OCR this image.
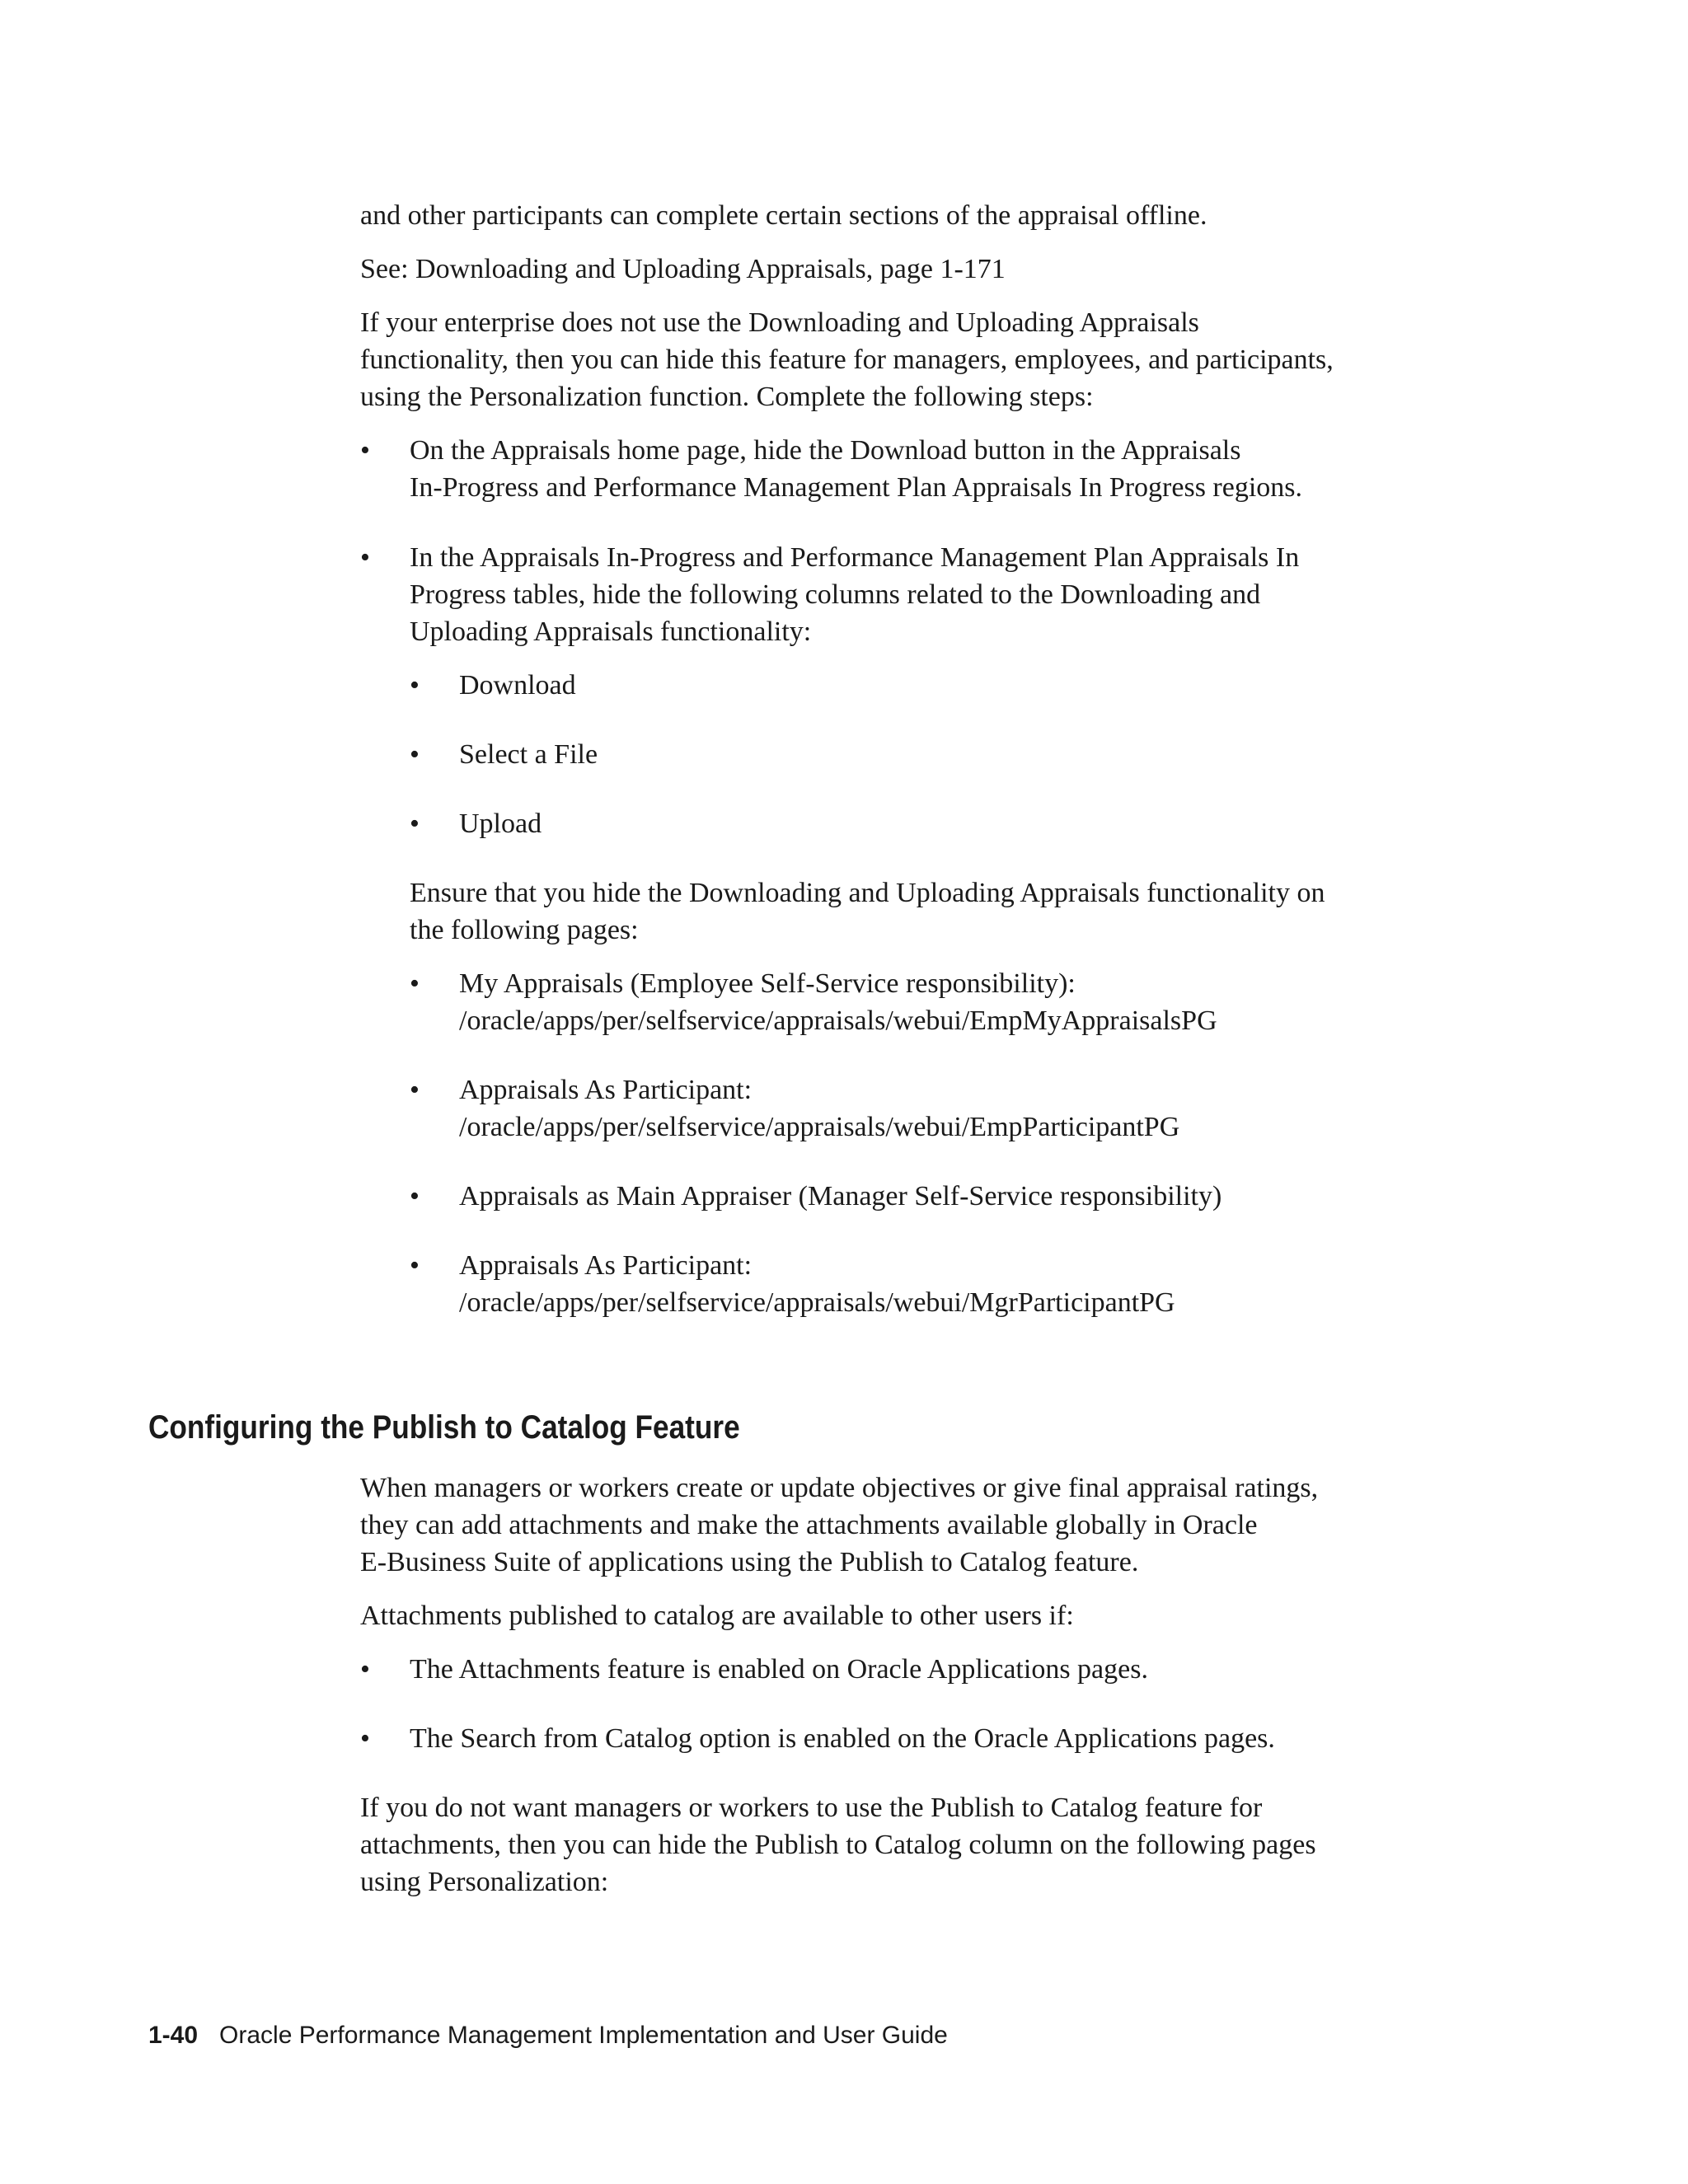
and other participants can complete certain sections of the appraisal offline.
See: Downloading and Uploading Appraisals, page 1-171
If your enterprise does not use the Downloading and Uploading Appraisals
functionality, then you can hide this feature for managers, employees, and participants,
using the Personalization function. Complete the following steps:
• On the Appraisals home page, hide the Download button in the Appraisals
In-Progress and Performance Management Plan Appraisals In Progress regions.
• In the Appraisals In-Progress and Performance Management Plan Appraisals In
Progress tables, hide the following columns related to the Downloading and
Uploading Appraisals functionality:
• Download
• Select a File
• Upload
Ensure that you hide the Downloading and Uploading Appraisals functionality on
the following pages:
• My Appraisals (Employee Self-Service responsibility):
/oracle/apps/per/selfservice/appraisals/webui/EmpMyAppraisalsPG
• Appraisals As Participant:
/oracle/apps/per/selfservice/appraisals/webui/EmpParticipantPG
• Appraisals as Main Appraiser (Manager Self-Service responsibility)
• Appraisals As Participant:
/oracle/apps/per/selfservice/appraisals/webui/MgrParticipantPG
Configuring the Publish to Catalog Feature
When managers or workers create or update objectives or give final appraisal ratings,
they can add attachments and make the attachments available globally in Oracle
E-Business Suite of applications using the Publish to Catalog feature.
Attachments published to catalog are available to other users if:
• The Attachments feature is enabled on Oracle Applications pages.
• The Search from Catalog option is enabled on the Oracle Applications pages.
If you do not want managers or workers to use the Publish to Catalog feature for
attachments, then you can hide the Publish to Catalog column on the following pages
using Personalization:
1-40 Oracle Performance Management Implementation and User Guide
